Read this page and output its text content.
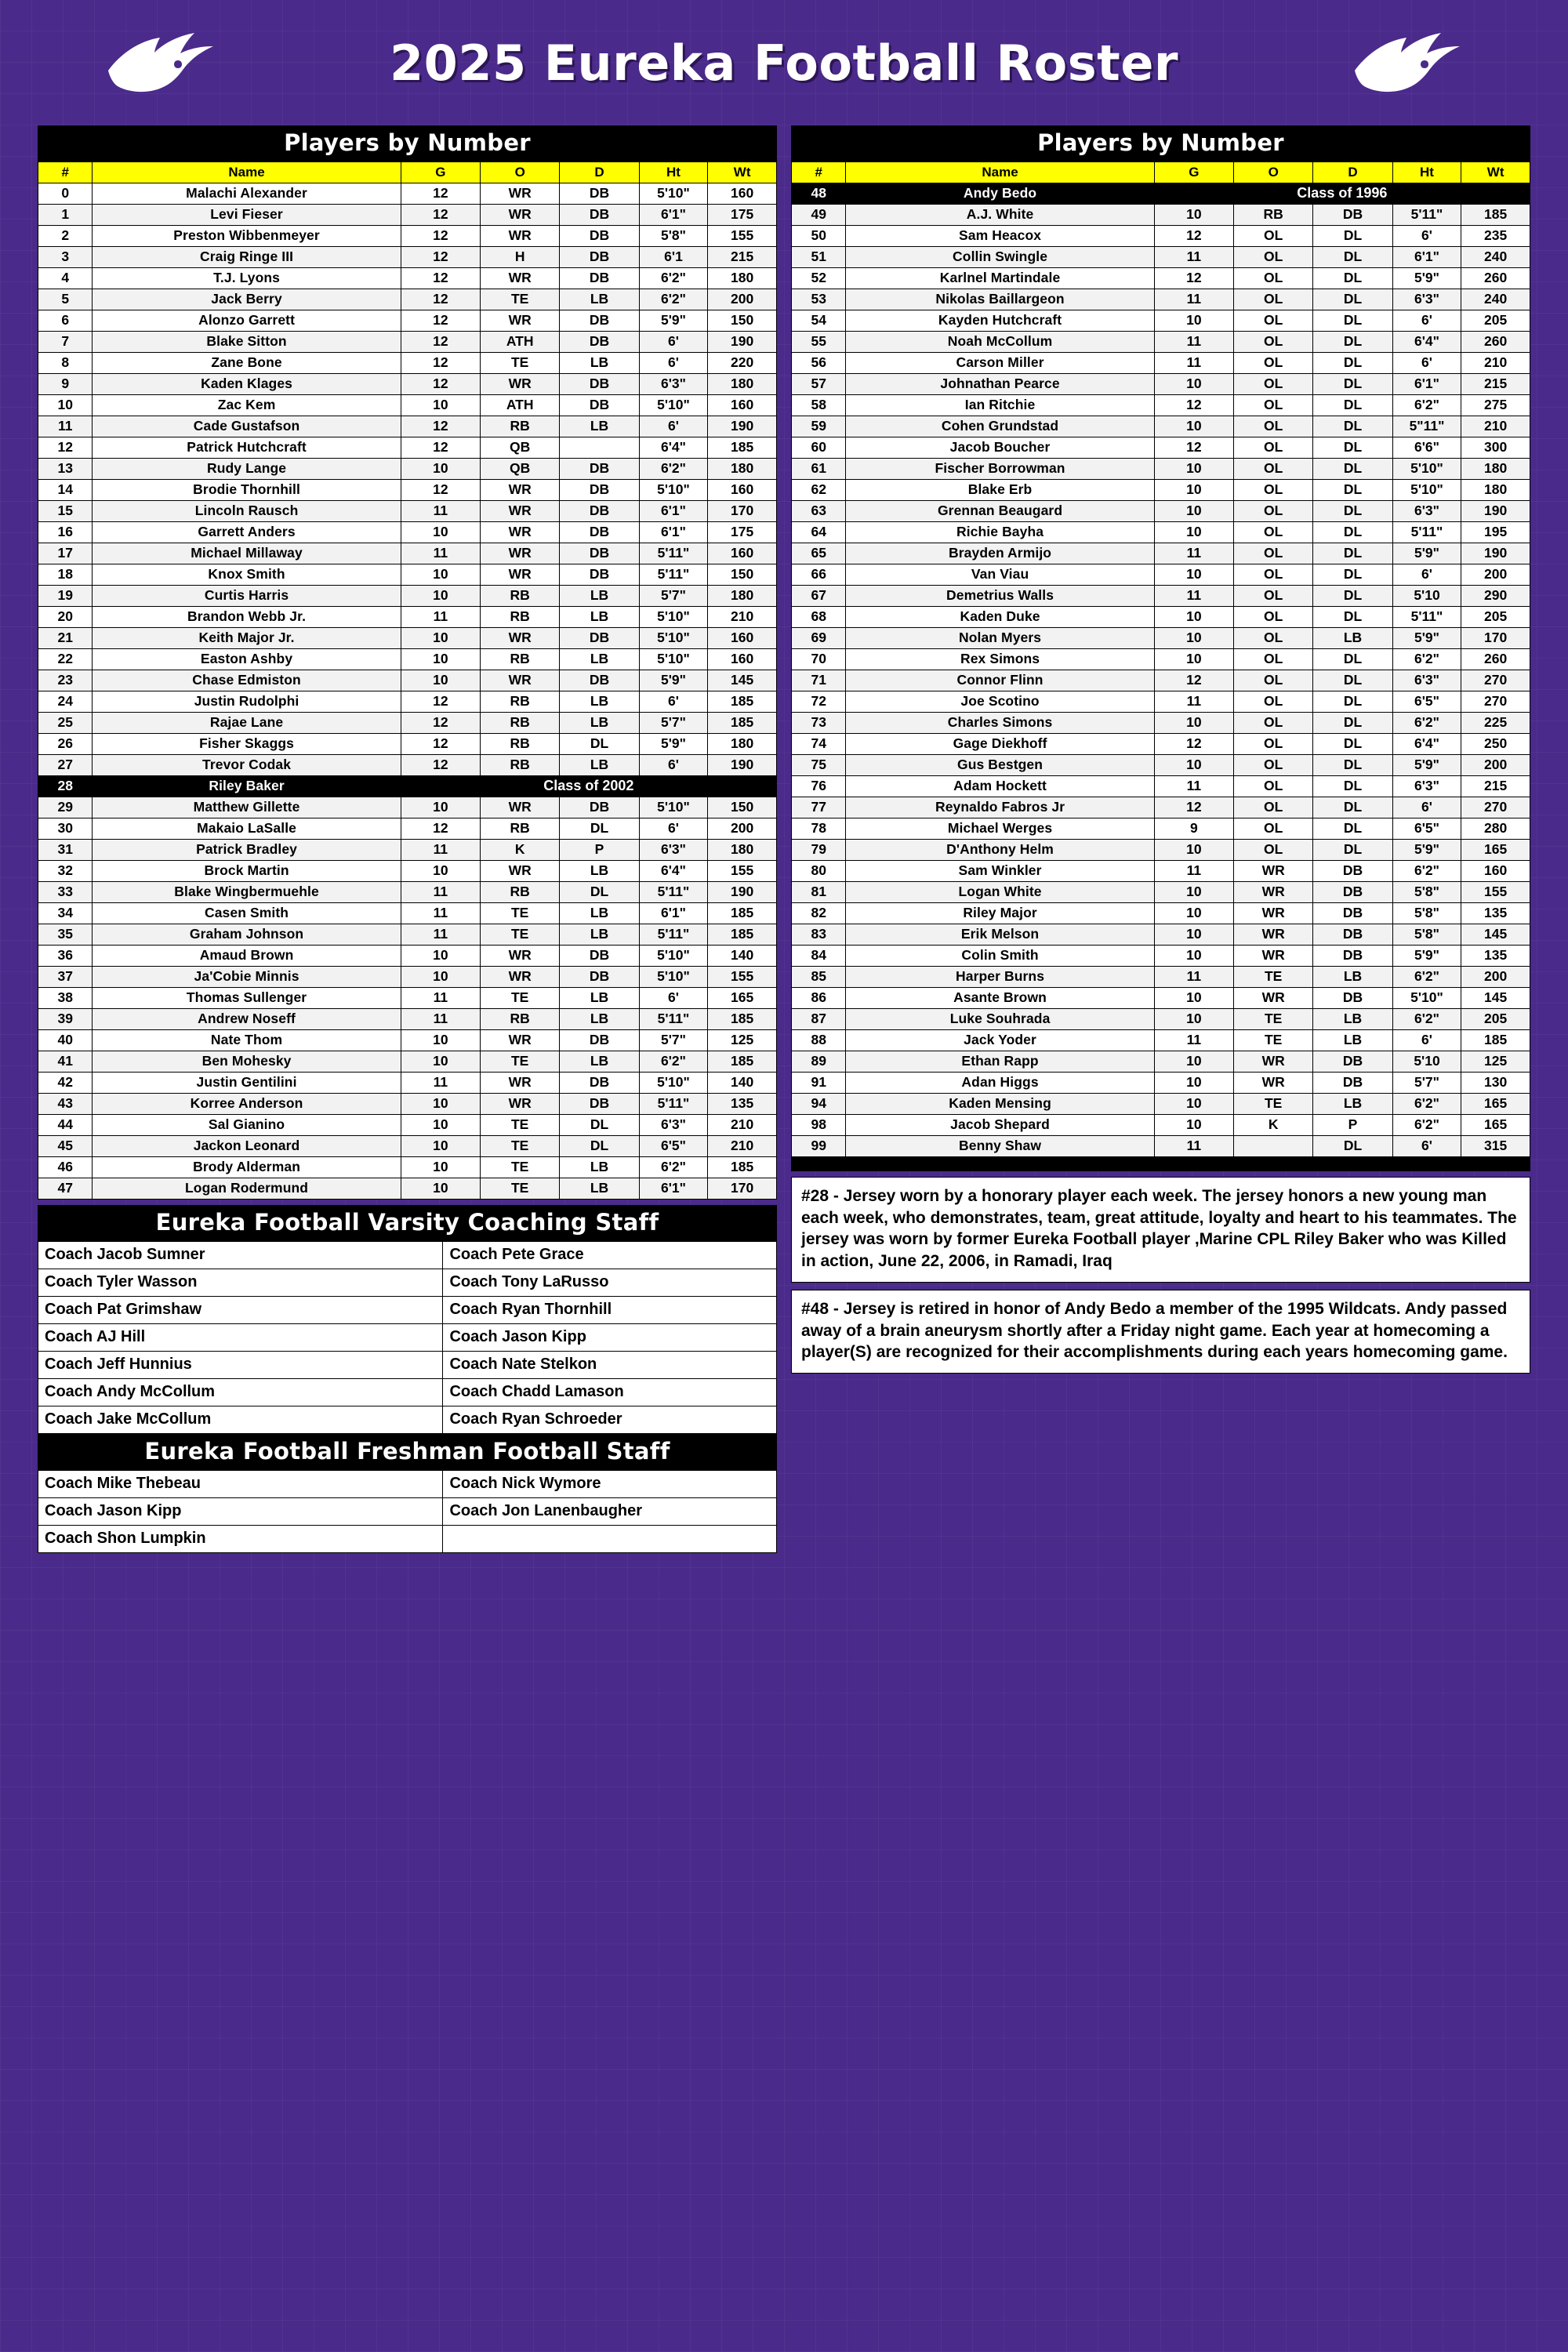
2025 Eureka Football Roster
Players by Number
#	Name	G	O	D	Ht	Wt
0	Malachi Alexander	12	WR	DB	5'10"	160
1	Levi Fieser	12	WR	DB	6'1"	175
2	Preston Wibbenmeyer	12	WR	DB	5'8"	155
3	Craig Ringe III	12	H	DB	6'1	215
4	T.J. Lyons	12	WR	DB	6'2"	180
5	Jack Berry	12	TE	LB	6'2"	200
6	Alonzo Garrett	12	WR	DB	5'9"	150
7	Blake Sitton	12	ATH	DB	6'	190
8	Zane Bone	12	TE	LB	6'	220
9	Kaden Klages	12	WR	DB	6'3"	180
10	Zac Kem	10	ATH	DB	5'10"	160
11	Cade Gustafson	12	RB	LB	6'	190
12	Patrick Hutchcraft	12	QB		6'4"	185
13	Rudy Lange	10	QB	DB	6'2"	180
14	Brodie Thornhill	12	WR	DB	5'10"	160
15	Lincoln Rausch	11	WR	DB	6'1"	170
16	Garrett Anders	10	WR	DB	6'1"	175
17	Michael Millaway	11	WR	DB	5'11"	160
18	Knox Smith	10	WR	DB	5'11"	150
19	Curtis Harris	10	RB	LB	5'7"	180
20	Brandon Webb Jr.	11	RB	LB	5'10"	210
21	Keith Major Jr.	10	WR	DB	5'10"	160
22	Easton Ashby	10	RB	LB	5'10"	160
23	Chase Edmiston	10	WR	DB	5'9"	145
24	Justin Rudolphi	12	RB	LB	6'	185
25	Rajae Lane	12	RB	LB	5'7"	185
26	Fisher Skaggs	12	RB	DL	5'9"	180
27	Trevor Codak	12	RB	LB	6'	190
28	Riley Baker	Class of 2002				
29	Matthew Gillette	10	WR	DB	5'10"	150
30	Makaio LaSalle	12	RB	DL	6'	200
31	Patrick Bradley	11	K	P	6'3"	180
32	Brock Martin	10	WR	LB	6'4"	155
33	Blake Wingbermuehle	11	RB	DL	5'11"	190
34	Casen Smith	11	TE	LB	6'1"	185
35	Graham Johnson	11	TE	LB	5'11"	185
36	Amaud Brown	10	WR	DB	5'10"	140
37	Ja'Cobie Minnis	10	WR	DB	5'10"	155
38	Thomas Sullenger	11	TE	LB	6'	165
39	Andrew Noseff	11	RB	LB	5'11"	185
40	Nate Thom	10	WR	DB	5'7"	125
41	Ben Mohesky	10	TE	LB	6'2"	185
42	Justin Gentilini	11	WR	DB	5'10"	140
43	Korree Anderson	10	WR	DB	5'11"	135
44	Sal Gianino	10	TE	DL	6'3"	210
45	Jackon Leonard	10	TE	DL	6'5"	210
46	Brody Alderman	10	TE	LB	6'2"	185
47	Logan Rodermund	10	TE	LB	6'1"	170
Eureka Football Varsity Coaching Staff
Coach Jacob Sumner	Coach Pete Grace
Coach Tyler Wasson	Coach Tony LaRusso
Coach Pat Grimshaw	Coach Ryan Thornhill
Coach AJ Hill	Coach Jason Kipp
Coach Jeff Hunnius	Coach Nate Stelkon
Coach Andy McCollum	Coach Chadd Lamason
Coach Jake McCollum	Coach Ryan Schroeder
Eureka Football Freshman Football Staff
Coach Mike Thebeau	Coach Nick Wymore
Coach Jason Kipp	Coach Jon Lanenbaugher
Coach Shon Lumpkin	
Players by Number
#	Name	G	O	D	Ht	Wt
48	Andy Bedo	Class of 1996				
49	A.J. White	10	RB	DB	5'11"	185
50	Sam Heacox	12	OL	DL	6'	235
51	Collin Swingle	11	OL	DL	6'1"	240
52	Karlnel Martindale	12	OL	DL	5'9"	260
53	Nikolas Baillargeon	11	OL	DL	6'3"	240
54	Kayden Hutchcraft	10	OL	DL	6'	205
55	Noah McCollum	11	OL	DL	6'4"	260
56	Carson Miller	11	OL	DL	6'	210
57	Johnathan Pearce	10	OL	DL	6'1"	215
58	Ian Ritchie	12	OL	DL	6'2"	275
59	Cohen Grundstad	10	OL	DL	5"11"	210
60	Jacob Boucher	12	OL	DL	6'6"	300
61	Fischer Borrowman	10	OL	DL	5'10"	180
62	Blake Erb	10	OL	DL	5'10"	180
63	Grennan Beaugard	10	OL	DL	6'3"	190
64	Richie Bayha	10	OL	DL	5'11"	195
65	Brayden Armijo	11	OL	DL	5'9"	190
66	Van Viau	10	OL	DL	6'	200
67	Demetrius Walls	11	OL	DL	5'10	290
68	Kaden Duke	10	OL	DL	5'11"	205
69	Nolan Myers	10	OL	LB	5'9"	170
70	Rex Simons	10	OL	DL	6'2"	260
71	Connor Flinn	12	OL	DL	6'3"	270
72	Joe Scotino	11	OL	DL	6'5"	270
73	Charles Simons	10	OL	DL	6'2"	225
74	Gage Diekhoff	12	OL	DL	6'4"	250
75	Gus Bestgen	10	OL	DL	5'9"	200
76	Adam Hockett	11	OL	DL	6'3"	215
77	Reynaldo Fabros Jr	12	OL	DL	6'	270
78	Michael Werges	9	OL	DL	6'5"	280
79	D'Anthony Helm	10	OL	DL	5'9"	165
80	Sam Winkler	11	WR	DB	6'2"	160
81	Logan White	10	WR	DB	5'8"	155
82	Riley Major	10	WR	DB	5'8"	135
83	Erik Melson	10	WR	DB	5'8"	145
84	Colin Smith	10	WR	DB	5'9"	135
85	Harper Burns	11	TE	LB	6'2"	200
86	Asante Brown	10	WR	DB	5'10"	145
87	Luke Souhrada	10	TE	LB	6'2"	205
88	Jack Yoder	11	TE	LB	6'	185
89	Ethan Rapp	10	WR	DB	5'10	125
91	Adan Higgs	10	WR	DB	5'7"	130
94	Kaden Mensing	10	TE	LB	6'2"	165
98	Jacob Shepard	10	K	P	6'2"	165
99	Benny Shaw	11		DL	6'	315
#28 - Jersey worn by a honorary player each week. The jersey honors a new young man each week, who demonstrates, team, great attitude, loyalty and heart to his teammates. The jersey was worn by former Eureka Football player ,Marine CPL Riley Baker who was Killed in action, June 22, 2006, in Ramadi, Iraq
#48 - Jersey is retired in honor of Andy Bedo a member of the 1995 Wildcats. Andy passed away of a brain aneurysm shortly after a Friday night game. Each year at homecoming a player(S) are recognized for their accomplishments during each years homecoming game.
